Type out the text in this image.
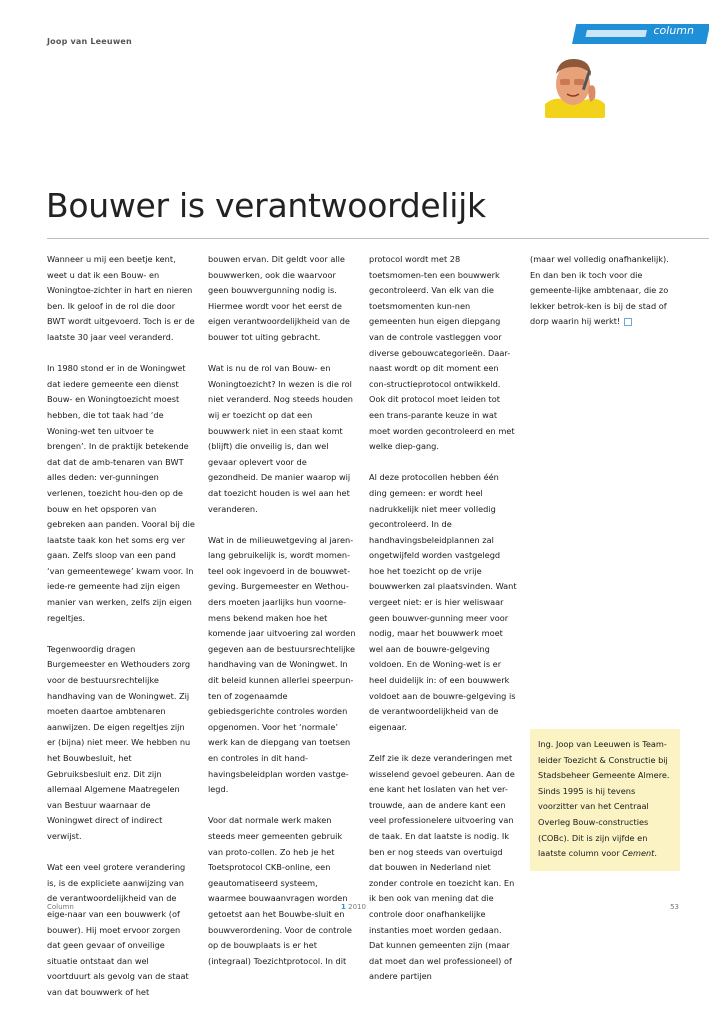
Joop van Leeuwen
column
Bouwer is verantwoordelijk

Wanneer u mij een beetje kent, weet u dat ik een Bouw- en Woningtoe-zichter in hart en nieren ben. Ik geloof in de rol die door BWT wordt uitgevoerd. Toch is er de laatste 30 jaar veel veranderd.

In 1980 stond er in de Woningwet dat iedere gemeente een dienst Bouw- en Woningtoezicht moest hebben, die tot taak had ‘de Woning-wet ten uitvoer te brengen’. In de praktijk betekende dat dat de amb-tenaren van BWT alles deden: ver-gunningen verlenen, toezicht hou-den op de bouw en het opsporen van gebreken aan panden. Vooral bij die laatste taak kon het soms erg ver gaan. Zelfs sloop van een pand ‘van gemeentewege’ kwam voor. In iede-re gemeente had zijn eigen manier van werken, zelfs zijn eigen regeltjes.

Tegenwoordig dragen Burgemeester en Wethouders zorg voor de bestuursrechtelijke handhaving van de Woningwet. Zij moeten daartoe ambtenaren aanwijzen. De eigen regeltjes zijn er (bijna) niet meer. We hebben nu het Bouwbesluit, het Gebruiksbesluit enz. Dit zijn allemaal Algemene Maatregelen van Bestuur waarnaar de Woningwet direct of indirect verwijst.

Wat een veel grotere verandering is, is de expliciete aanwijzing van de verantwoordelijkheid van de eige-naar van een bouwwerk (of bouwer). Hij moet ervoor zorgen dat geen gevaar of onveilige situatie ontstaat dan wel voortduurt als gevolg van de staat van dat bouwwerk of het

bouwen ervan. Dit geldt voor alle bouwwerken, ook die waarvoor geen bouwvergunning nodig is. Hiermee wordt voor het eerst de eigen verantwoordelijkheid van de bouwer tot uiting gebracht.

Wat is nu de rol van Bouw- en Woningtoezicht? In wezen is die rol niet veranderd. Nog steeds houden wij er toezicht op dat een bouwwerk niet in een staat komt (blijft) die onveilig is, dan wel gevaar oplevert voor de gezondheid. De manier waarop wij dat toezicht houden is wel aan het veranderen.

Wat in de milieuwetgeving al jaren-lang gebruikelijk is, wordt momen-teel ook ingevoerd in de bouwwet-geving. Burgemeester en Wethou-ders moeten jaarlijks hun voorne-mens bekend maken hoe het komende jaar uitvoering zal worden gegeven aan de bestuursrechtelijke handhaving van de Woningwet. In dit beleid kunnen allerlei speerpun-ten of zogenaamde gebiedsgerichte controles worden opgenomen. Voor het ‘normale’ werk kan de diepgang van toetsen en controles in dit hand-havingsbeleidplan worden vastge-legd.

Voor dat normale werk maken steeds meer gemeenten gebruik van proto-collen. Zo heb je het Toetsprotocol CKB-online, een geautomatiseerd systeem, waarmee bouwaanvragen worden getoetst aan het Bouwbe-sluit en bouwverordening. Voor de controle op de bouwplaats is er het (integraal) Toezichtprotocol. In dit

protocol wordt met 28 toetsmomen-ten een bouwwerk gecontroleerd. Van elk van die toetsmomenten kun-nen gemeenten hun eigen diepgang van de controle vastleggen voor diverse gebouwcategorieën. Daar-naast wordt op dit moment een con-structieprotocol ontwikkeld. Ook dit protocol moet leiden tot een trans-parante keuze in wat moet worden gecontroleerd en met welke diep-gang.

Al deze protocollen hebben één ding gemeen: er wordt heel nadrukkelijk niet meer volledig gecontroleerd. In de handhavingsbeleidplannen zal ongetwijfeld worden vastgelegd hoe het toezicht op de vrije bouwwerken zal plaatsvinden. Want vergeet niet: er is hier weliswaar geen bouwver-gunning meer voor nodig, maar het bouwwerk moet wel aan de bouwre-gelgeving voldoen. En de Woning-wet is er heel duidelijk in: of een bouwwerk voldoet aan de bouwre-gelgeving is de verantwoordelijkheid van de eigenaar.

Zelf zie ik deze veranderingen met wisselend gevoel gebeuren. Aan de ene kant het loslaten van het ver-trouwde, aan de andere kant een veel professionelere uitvoering van de taak. En dat laatste is nodig. Ik ben er nog steeds van overtuigd dat bouwen in Nederland niet zonder controle en toezicht kan. En ik ben ook van mening dat die controle door onafhankelijke instanties moet worden gedaan. Dat kunnen gemeenten zijn (maar dat moet dan wel professioneel) of andere partijen

(maar wel volledig onafhankelijk). En dan ben ik toch voor die gemeente-lijke ambtenaar, die zo lekker betrok-ken is bij de stad of dorp waarin hij werkt!

Ing. Joop van Leeuwen is Team-leider Toezicht & Constructie bij Stadsbeheer Gemeente Almere. Sinds 1995 is hij tevens voorzitter van het Centraal Overleg Bouw-constructies (COBc). Dit is zijn vijfde en laatste column voor Cement.

Column	1 2010	53
